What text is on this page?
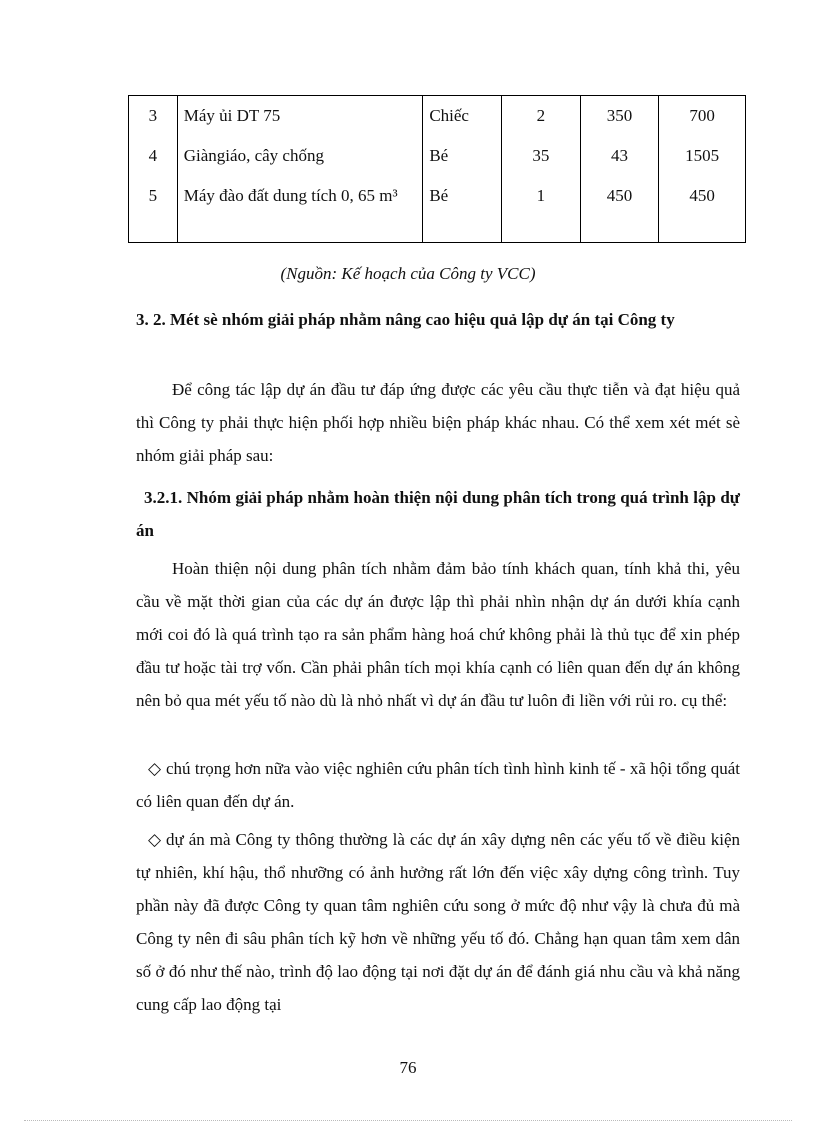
3	Máy ủi DT 75	Chiếc	2	350	700
4	Giàngiáo, cây chống	Bé	35	43	1505
5	Máy đào đất dung tích 0, 65 m³	Bé	1	450	450
(Nguồn: Kế hoạch của Công ty VCC)
3. 2. Mét sè nhóm giải pháp nhằm nâng cao hiệu quả lập dự án tại Công ty
Để công tác lập dự án đầu tư đáp ứng được các yêu cầu thực tiễn và đạt hiệu quả thì Công ty phải thực hiện phối hợp nhiều biện pháp khác nhau. Có thể xem xét mét sè nhóm giải pháp sau:
3.2.1. Nhóm giải pháp nhằm hoàn thiện nội dung phân tích trong quá trình lập dự án
Hoàn thiện nội dung phân tích nhằm đảm bảo tính khách quan, tính khả thi, yêu cầu về mặt thời gian của các dự án được lập thì phải nhìn nhận dự án dưới khía cạnh mới coi đó là quá trình tạo ra sản phẩm hàng hoá chứ không phải là thủ tục để xin phép đầu tư hoặc tài trợ vốn. Cần phải phân tích mọi khía cạnh có liên quan đến dự án không nên bỏ qua mét yếu tố nào dù là nhỏ nhất vì dự án đầu tư luôn đi liền với rủi ro. cụ thể:
◇ chú trọng hơn nữa vào việc nghiên cứu phân tích tình hình kinh tế - xã hội tổng quát có liên quan đến dự án.
◇ dự án mà Công ty thông thường là các dự án xây dựng nên các yếu tố về điều kiện tự nhiên, khí hậu, thổ nhưỡng có ảnh hưởng rất lớn đến việc xây dựng công trình. Tuy phần này đã được Công ty quan tâm nghiên cứu song ở mức độ như vậy là chưa đủ mà Công ty nên đi sâu phân tích kỹ hơn về những yếu tố đó. Chẳng hạn quan tâm xem dân số ở đó như thế nào, trình độ lao động tại nơi đặt dự án để đánh giá nhu cầu và khả năng cung cấp lao động tại
76
